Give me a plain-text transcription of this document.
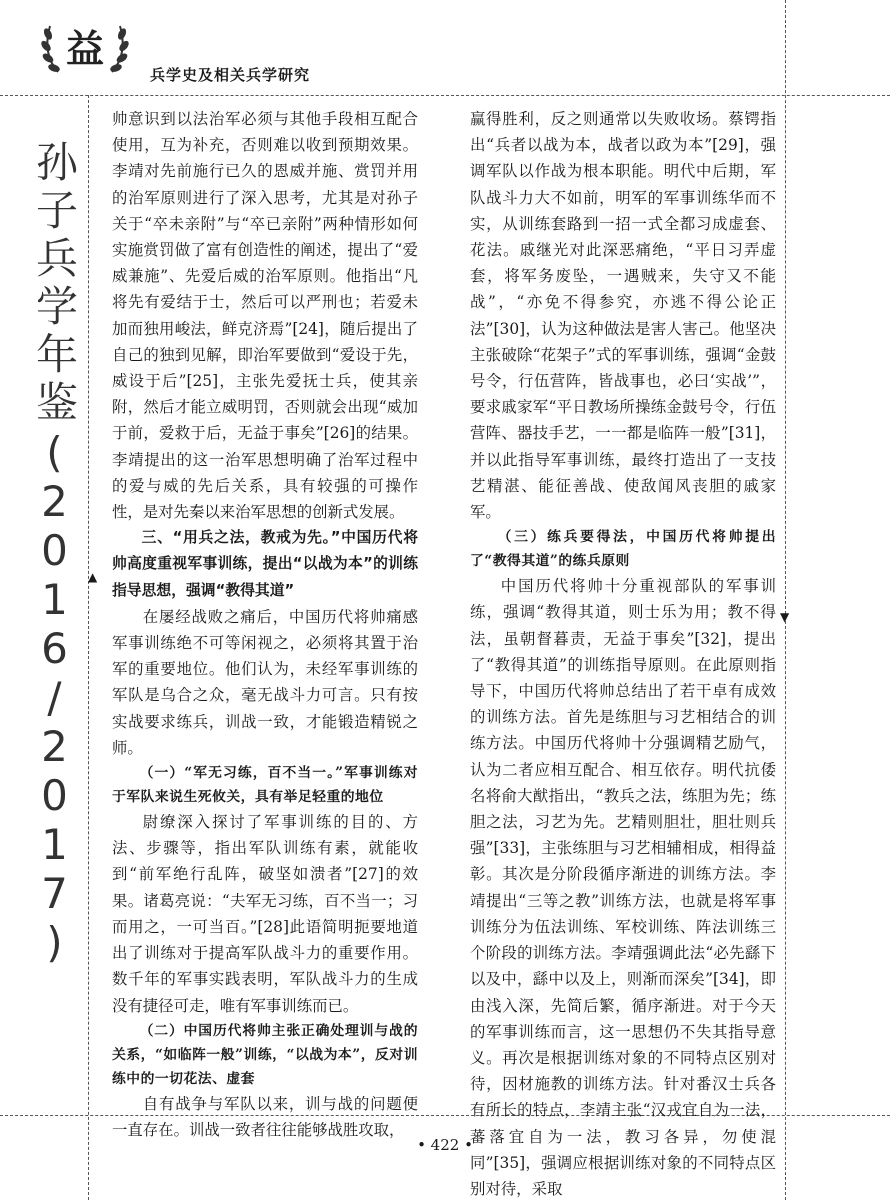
益
兵学史及相关兵学研究
孙子兵学年鉴(2016/2017) ▲
▼

帅意识到以法治军必须与其他手段相互配合使用，互为补充，否则难以收到预期效果。李靖对先前施行已久的恩威并施、赏罚并用的治军原则进行了深入思考，尤其是对孙子关于“卒未亲附”与“卒已亲附”两种情形如何实施赏罚做了富有创造性的阐述，提出了“爱威兼施”、先爱后威的治军原则。他指出“凡将先有爱结于士，然后可以严刑也；若爱未加而独用峻法，鲜克济焉”[24]，随后提出了自己的独到见解，即治军要做到“爱设于先，威设于后”[25]，主张先爱抚士兵，使其亲附，然后才能立威明罚，否则就会出现“威加于前，爱救于后，无益于事矣”[26]的结果。李靖提出的这一治军思想明确了治军过程中的爱与威的先后关系，具有较强的可操作性，是对先秦以来治军思想的创新式发展。

三、“用兵之法，教戒为先。”中国历代将帅高度重视军事训练，提出“以战为本”的训练指导思想，强调“教得其道”

在屡经战败之痛后，中国历代将帅痛感军事训练绝不可等闲视之，必须将其置于治军的重要地位。他们认为，未经军事训练的军队是乌合之众，毫无战斗力可言。只有按实战要求练兵，训战一致，才能锻造精锐之师。

（一）“军无习练，百不当一。”军事训练对于军队来说生死攸关，具有举足轻重的地位

尉缭深入探讨了军事训练的目的、方法、步骤等，指出军队训练有素，就能收到“前军绝行乱阵，破坚如溃者”[27]的效果。诸葛亮说：“夫军无习练，百不当一；习而用之，一可当百。”[28]此语简明扼要地道出了训练对于提高军队战斗力的重要作用。数千年的军事实践表明，军队战斗力的生成没有捷径可走，唯有军事训练而已。

（二）中国历代将帅主张正确处理训与战的关系，“如临阵一般”训练，“以战为本”，反对训练中的一切花法、虚套

自有战争与军队以来，训与战的问题便一直存在。训战一致者往往能够战胜攻取，

赢得胜利，反之则通常以失败收场。蔡锷指出“兵者以战为本，战者以政为本”[29]，强调军队以作战为根本职能。明代中后期，军队战斗力大不如前，明军的军事训练华而不实，从训练套路到一招一式全都习成虚套、花法。戚继光对此深恶痛绝，“平日习弄虚套，将军务废坠，一遇贼来，失守又不能战”，“亦免不得参究，亦逃不得公论正法”[30]，认为这种做法是害人害己。他坚决主张破除“花架子”式的军事训练，强调“金鼓号令，行伍营阵，皆战事也，必曰‘实战’”，要求戚家军“平日教场所操练金鼓号令，行伍营阵、器技手艺，一一都是临阵一般”[31]，并以此指导军事训练，最终打造出了一支技艺精湛、能征善战、使敌闻风丧胆的戚家军。

（三）练兵要得法，中国历代将帅提出了“教得其道”的练兵原则

中国历代将帅十分重视部队的军事训练，强调“教得其道，则士乐为用；教不得法，虽朝督暮责，无益于事矣”[32]，提出了“教得其道”的训练指导原则。在此原则指导下，中国历代将帅总结出了若干卓有成效的训练方法。首先是练胆与习艺相结合的训练方法。中国历代将帅十分强调精艺励气，认为二者应相互配合、相互依存。明代抗倭名将俞大猷指出，“教兵之法，练胆为先；练胆之法，习艺为先。艺精则胆壮，胆壮则兵强”[33]，主张练胆与习艺相辅相成，相得益彰。其次是分阶段循序渐进的训练方法。李靖提出“三等之教”训练方法，也就是将军事训练分为伍法训练、军校训练、阵法训练三个阶段的训练方法。李靖强调此法“必先繇下以及中，繇中以及上，则渐而深矣”[34]，即由浅入深，先简后繁，循序渐进。对于今天的军事训练而言，这一思想仍不失其指导意义。再次是根据训练对象的不同特点区别对待，因材施教的训练方法。针对番汉士兵各有所长的特点，李靖主张“汉戎宜自为一法，蕃落宜自为一法，教习各异，勿使混同”[35]，强调应根据训练对象的不同特点区别对待，采取

• 422 •
